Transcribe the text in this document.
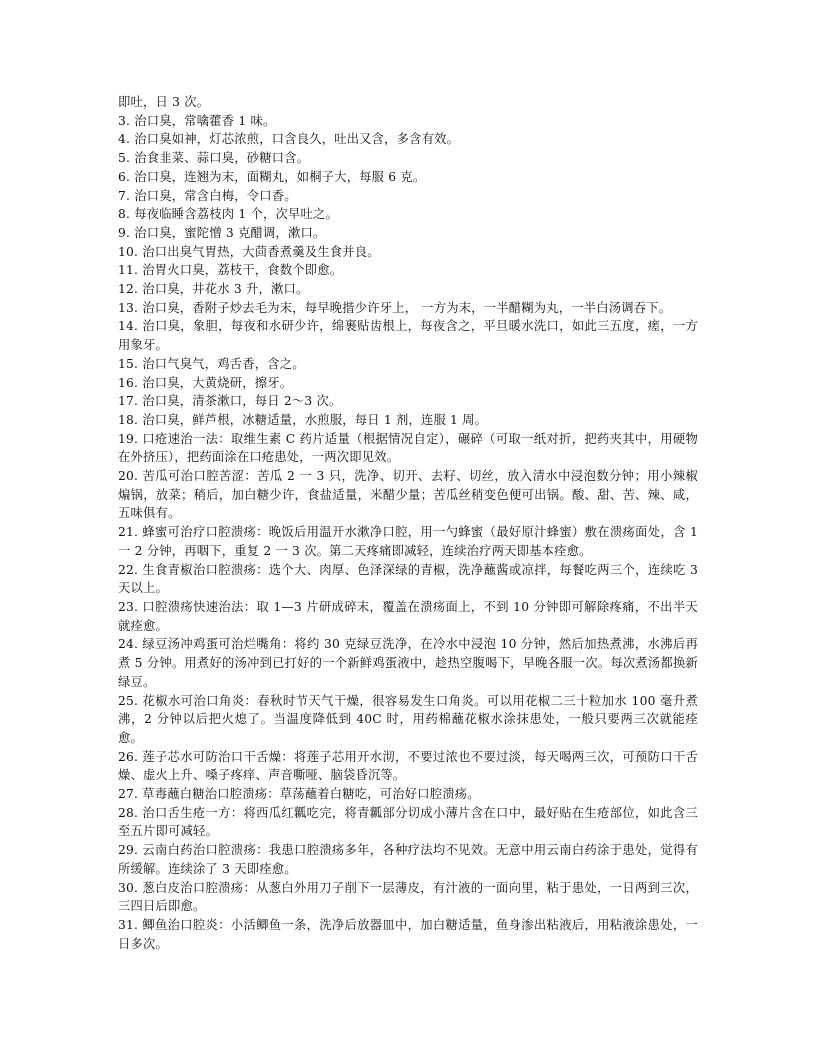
即吐，日 3 次。

3. 治口臭，常噙藿香 1 味。

4. 治口臭如神，灯芯浓煎，口含良久，吐出又含，多含有效。

5. 治食韭菜、蒜口臭，砂糖口含。

6. 治口臭，连翘为末，面糊丸，如桐子大，每服 6 克。

7. 治口臭，常含白梅，令口香。

8. 每夜临睡含荔枝肉 1 个，次早吐之。

9. 治口臭，蜜陀憎 3 克醋调，漱口。

10. 治口出臭气胃热，大茴香煮羹及生食并良。

11. 治胃火口臭，荔枝干，食数个即愈。

12. 治口臭，井花水 3 升，漱口。

13. 治口臭，香附子炒去毛为末，每早晚揩少许牙上， 一方为末，一半醋糊为丸，一半白汤调吞下。

14. 治口臭，象胆，每夜和水研少许，绵裹贴齿根上，每夜含之，平旦暖水洗口，如此三五度，瘥，一方用象牙。

15. 治口气臭气，鸡舌香，含之。

16. 治口臭，大黄烧研，擦牙。

17. 治口臭，清茶漱口，每日 2～3 次。

18. 治口臭，鲜芦根，冰糖适量，水煎服，每日 1 剂，连服 1 周。

19. 口疮速治一法：取维生素 C 药片适量（根据情况自定），碾碎（可取一纸对折，把药夹其中，用硬物在外挤压），把药面涂在口疮患处，一两次即见效。

20. 苦瓜可治口腔苦涩：苦瓜 2 一 3 只，洗净、切开、去籽、切丝，放入清水中浸泡数分钟；用小辣椒煸锅，放菜；稍后，加白糖少许，食盐适量，米醋少量；苦瓜丝稍变色便可出锅。酸、甜、苦、辣、咸，五味俱有。

21. 蜂蜜可治疗口腔溃疡：晚饭后用温开水漱净口腔，用一勺蜂蜜（最好原汁蜂蜜）敷在溃疡面处，含 1 一 2 分钟，再咽下，重复 2 一 3 次。第二天疼痛即减轻，连续治疗两天即基本痊愈。

22. 生食青椒治口腔溃疡：选个大、肉厚、色泽深绿的青椒，洗净蘸酱或凉拌，每餐吃两三个，连续吃 3 天以上。

23. 口腔溃疡快速治法：取 1—3 片研成碎末，覆盖在溃疡面上，不到 10 分钟即可解除疼痛，不出半天就痊愈。

24. 绿豆汤冲鸡蛋可治烂嘴角：将约 30 克绿豆洗净，在冷水中浸泡 10 分钟，然后加热煮沸，水沸后再煮 5 分钟。用煮好的汤冲到已打好的一个新鲜鸡蛋液中，趁热空腹喝下，早晚各服一次。每次煮汤都换新绿豆。

25. 花椒水可治口角炎：春秋时节天气干燥，很容易发生口角炎。可以用花椒二三十粒加水 100 毫升煮沸，2 分钟以后把火熄了。当温度降低到 40C 时，用药棉蘸花椒水涂抹患处，一般只要两三次就能痊愈。

26. 莲子芯水可防治口干舌燥：将莲子芯用开水沏，不要过浓也不要过淡，每天喝两三次，可预防口干舌燥、虚火上升、嗓子疼痒、声音嘶哑、脑袋昏沉等。

27. 草毒蘸白糖治口腔溃疡：草荡蘸着白糖吃，可治好口腔溃疡。

28. 治口舌生疮一方：将西瓜红瓤吃完，将青瓤部分切成小薄片含在口中，最好贴在生疮部位，如此含三至五片即可减轻。

29. 云南白药治口腔溃疡：我患口腔溃疡多年，各种疗法均不见效。无意中用云南白药涂于患处，觉得有所缓解。连续涂了 3 天即痊愈。

30. 葱白皮治口腔溃疡：从葱白外用刀子削下一层薄皮，有汁液的一面向里，粘于患处，一日两到三次，三四日后即愈。

31. 鲫鱼治口腔炎：小活鲫鱼一条，洗净后放器皿中，加白糖适量，鱼身渗出粘液后，用粘液涂患处，一日多次。
